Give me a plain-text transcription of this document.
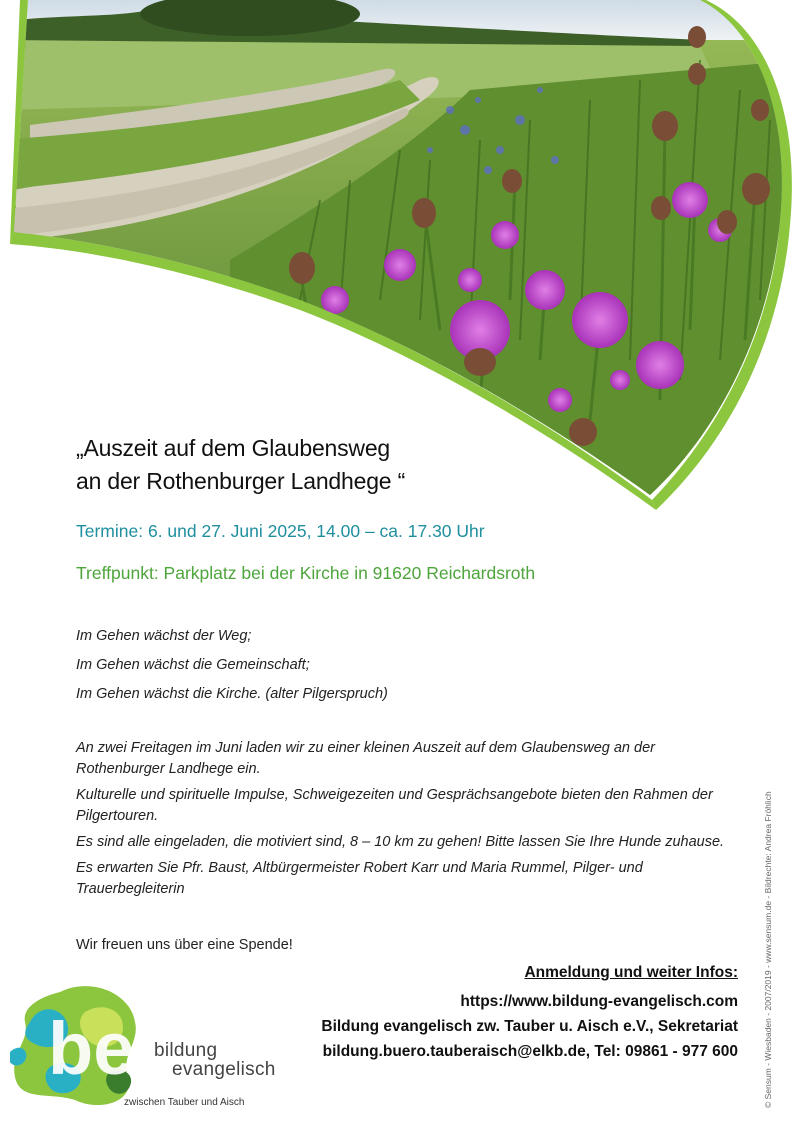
„Auszeit auf dem Glaubensweg
an der Rothenburger Landhege “
Termine: 6. und 27. Juni 2025, 14.00 – ca. 17.30 Uhr
Treffpunkt: Parkplatz bei der Kirche in 91620 Reichardsroth

Im Gehen wächst der Weg;
Im Gehen wächst die Gemeinschaft;
Im Gehen wächst die Kirche. (alter Pilgerspruch)

An zwei Freitagen im Juni laden wir zu einer kleinen Auszeit auf dem Glaubensweg an der Rothenburger Landhege ein.

Kulturelle und spirituelle Impulse, Schweigezeiten und Gesprächsangebote bieten den Rahmen der Pilgertouren.

Es sind alle eingeladen, die motiviert sind, 8 – 10 km zu gehen! Bitte lassen Sie Ihre Hunde zuhause.

Es erwarten Sie Pfr. Baust, Altbürgermeister Robert Karr und Maria Rummel, Pilger- und Trauerbegleiterin

Wir freuen uns über eine Spende!
Anmeldung und weiter Infos:
https://www.bildung-evangelisch.com
Bildung evangelisch zw. Tauber u. Aisch e.V., Sekretariat
bildung.buero.tauberaisch@elkb.de, Tel: 09861 - 977 600
be bildung
evangelisch
zwischen Tauber und Aisch	© Sensum - Wiesbaden - 2007/2019 - www.sensum.de - Bildrechte: Andrea Fröhlich
